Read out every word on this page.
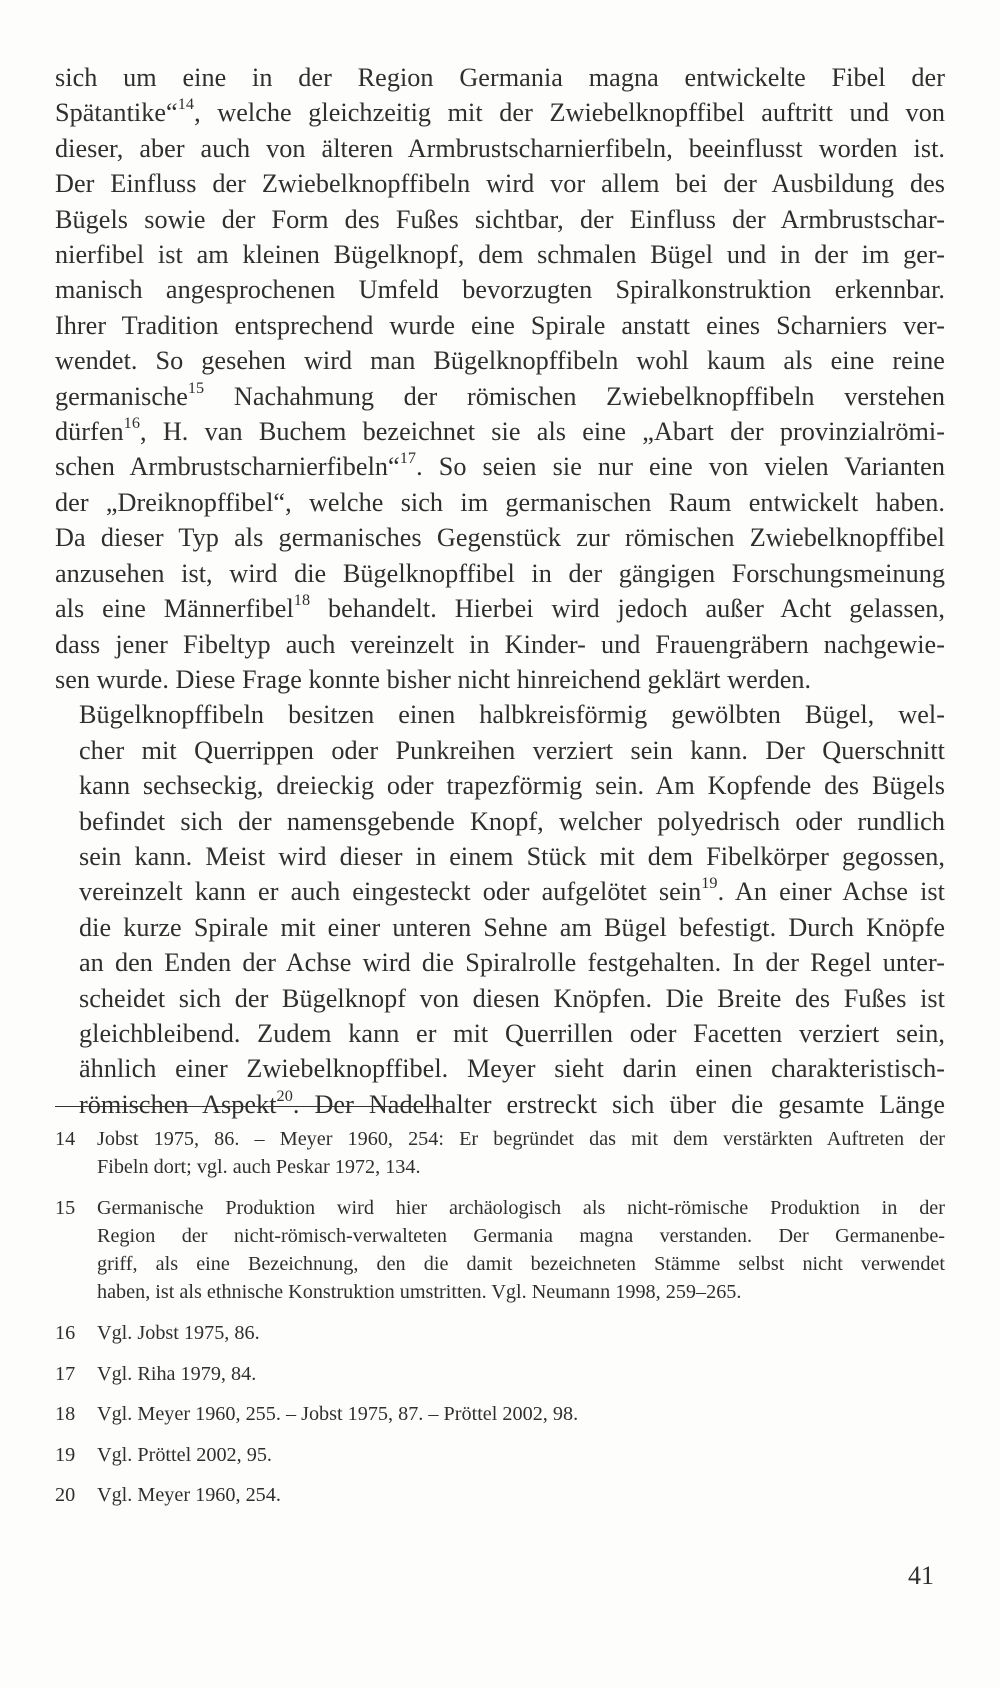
sich um eine in der Region Germania magna entwickelte Fibel der
Spätantike“$^{14}$, welche gleichzeitig mit der Zwiebelknopffibel auftritt und von
dieser, aber auch von älteren Armbrustscharnierfibeln, beeinflusst worden ist.
Der Einfluss der Zwiebelknopffibeln wird vor allem bei der Ausbildung des
Bügels sowie der Form des Fußes sichtbar, der Einfluss der Armbrustschar-
nierfibel ist am kleinen Bügelknopf, dem schmalen Bügel und in der im ger-
manisch angesprochenen Umfeld bevorzugten Spiralkonstruktion erkennbar.
Ihrer Tradition entsprechend wurde eine Spirale anstatt eines Scharniers ver-
wendet. So gesehen wird man Bügelknopffibeln wohl kaum als eine reine
germanische$^{15}$ Nachahmung der römischen Zwiebelknopffibeln verstehen
dürfen$^{16}$, H. van Buchem bezeichnet sie als eine „Abart der provinzialrömi-
schen Armbrustscharnierfibeln“$^{17}$. So seien sie nur eine von vielen Varianten
der „Dreiknopffibel“, welche sich im germanischen Raum entwickelt haben.
Da dieser Typ als germanisches Gegenstück zur römischen Zwiebelknopffibel
anzusehen ist, wird die Bügelknopffibel in der gängigen Forschungsmeinung
als eine Männerfibel$^{18}$ behandelt. Hierbei wird jedoch außer Acht gelassen,
dass jener Fibeltyp auch vereinzelt in Kinder- und Frauengräbern nachgewie-
sen wurde. Diese Frage konnte bisher nicht hinreichend geklärt werden.

Bügelknopffibeln besitzen einen halbkreisförmig gewölbten Bügel, wel-
cher mit Querrippen oder Punkreihen verziert sein kann. Der Querschnitt
kann sechseckig, dreieckig oder trapezförmig sein. Am Kopfende des Bügels
befindet sich der namensgebende Knopf, welcher polyedrisch oder rundlich
sein kann. Meist wird dieser in einem Stück mit dem Fibelkörper gegossen,
vereinzelt kann er auch eingesteckt oder aufgelötet sein$^{19}$. An einer Achse ist
die kurze Spirale mit einer unteren Sehne am Bügel befestigt. Durch Knöpfe
an den Enden der Achse wird die Spiralrolle festgehalten. In der Regel unter-
scheidet sich der Bügelknopf von diesen Knöpfen. Die Breite des Fußes ist
gleichbleibend. Zudem kann er mit Querrillen oder Facetten verziert sein,
ähnlich einer Zwiebelknopffibel. Meyer sieht darin einen charakteristisch-
römischen Aspekt$^{20}$. Der Nadelhalter erstreckt sich über die gesamte Länge

14 Jobst 1975, 86. – Meyer 1960, 254: Er begründet das mit dem verstärkten Auftreten der
Fibeln dort; vgl. auch Peskar 1972, 134.
15 Germanische Produktion wird hier archäologisch als nicht-römische Produktion in der
Region der nicht-römisch-verwalteten Germania magna verstanden. Der Germanenbe-
griff, als eine Bezeichnung, den die damit bezeichneten Stämme selbst nicht verwendet
haben, ist als ethnische Konstruktion umstritten. Vgl. Neumann 1998, 259–265.
16 Vgl. Jobst 1975, 86.
17 Vgl. Riha 1979, 84.
18 Vgl. Meyer 1960, 255. – Jobst 1975, 87. – Pröttel 2002, 98.
19 Vgl. Pröttel 2002, 95.
20 Vgl. Meyer 1960, 254.
41
